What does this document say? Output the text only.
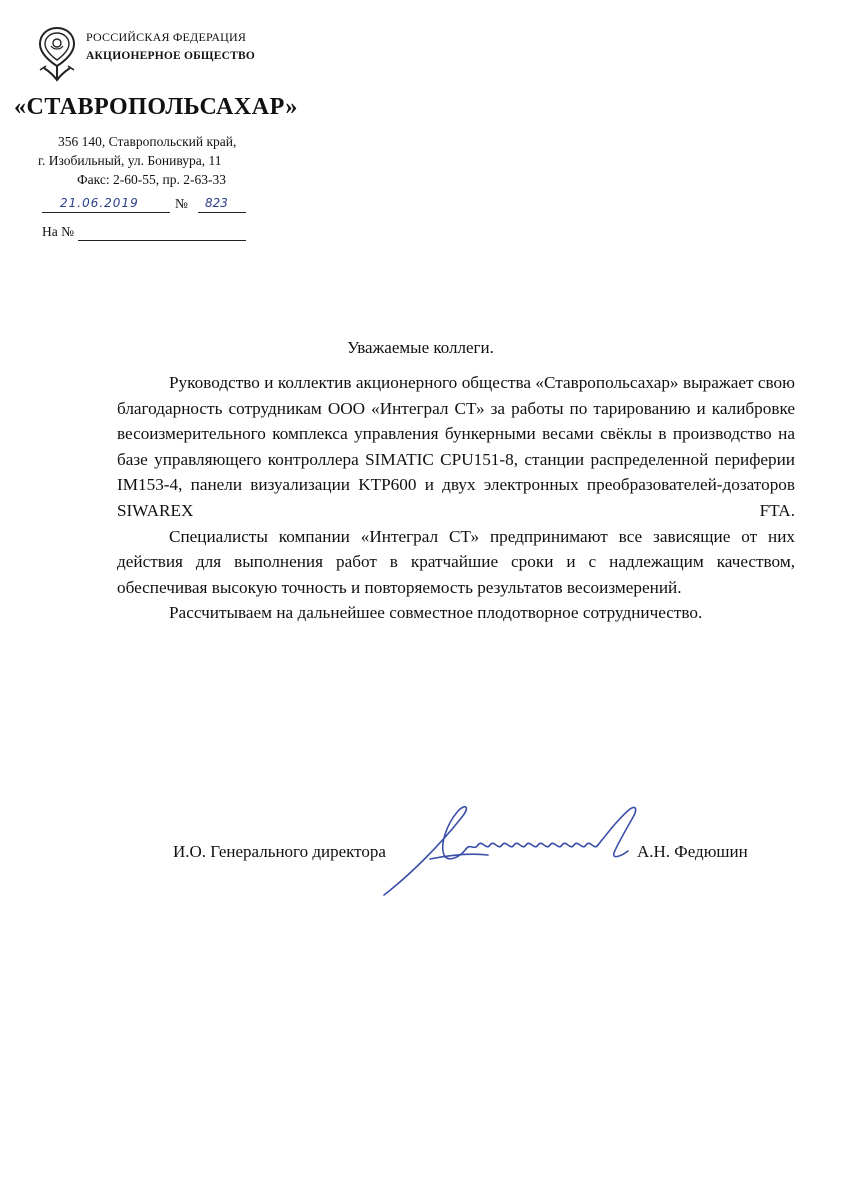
РОССИЙСКАЯ ФЕДЕРАЦИЯ
АКЦИОНЕРНОЕ ОБЩЕСТВО
«СТАВРОПОЛЬСАХАР»
356 140, Ставропольский край,
г. Изобильный, ул. Бонивура, 11
Факс: 2-60-55, пр. 2-63-33
21.06.2019	№ 823
На №
Уважаемые коллеги.

Руководство и коллектив акционерного общества «Ставропольсахар» выражает свою благодарность сотрудникам ООО «Интеграл СТ» за работы по тарированию и калибровке весоизмерительного комплекса управления бункерными весами свёклы в производство на базе управляющего контроллера SIMATIC CPU151-8, станции распределенной периферии IM153-4, панели визуализации KTP600 и двух электронных преобразователей-дозаторов SIWAREX FTA.

Специалисты компании «Интеграл СТ» предпринимают все зависящие от них действия для выполнения работ в кратчайшие сроки и с надлежащим качеством, обеспечивая высокую точность и повторяемость результатов весоизмерений.

Рассчитываем на дальнейшее совместное плодотворное сотрудничество.

И.О. Генерального директора	А.Н. Федюшин
